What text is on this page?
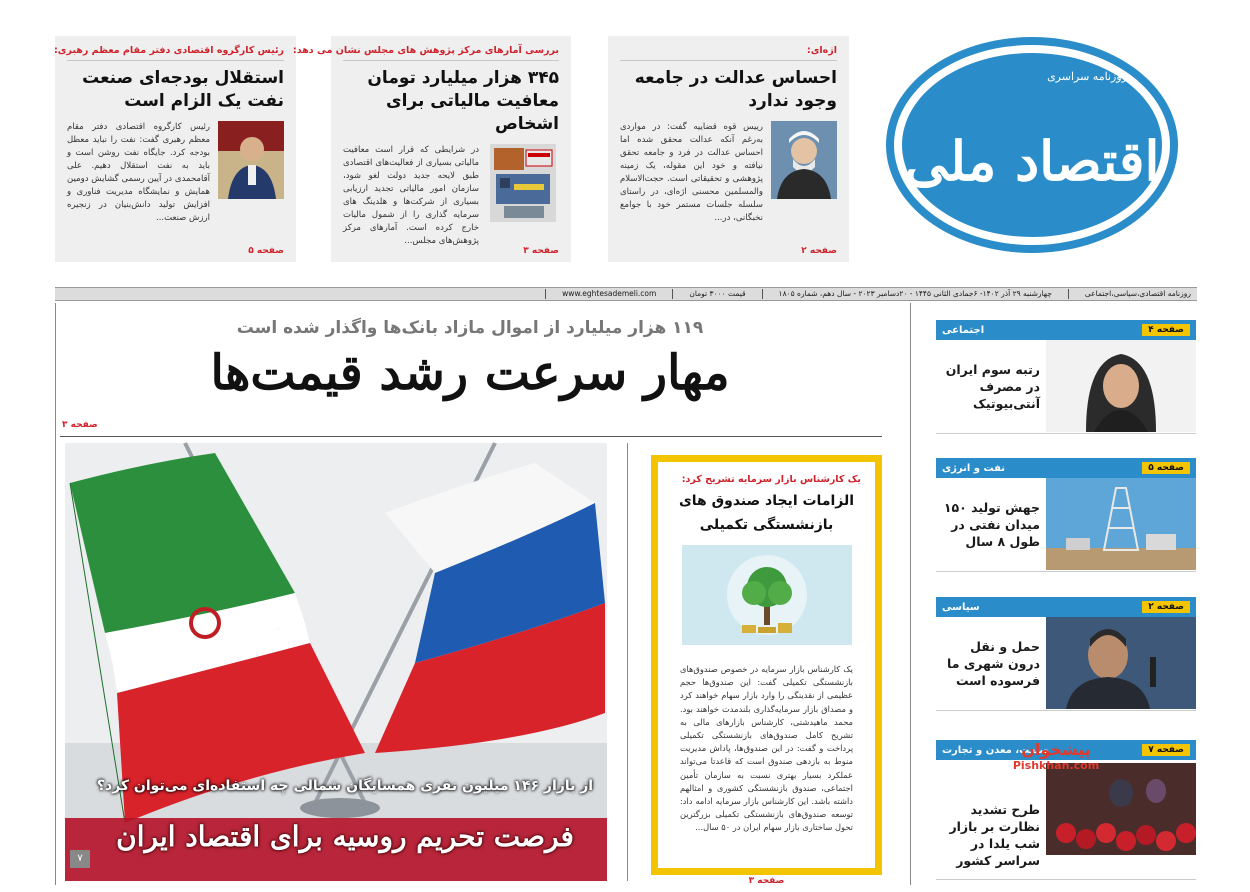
رئیس کارگروه اقتصادی دفتر مقام معظم رهبری:
استقلال بودجه‌ای صنعت نفت یک الزام است
رئیس کارگروه اقتصادی دفتر مقام معظم رهبری گفت: نفت را نباید معطل بودجه کرد. جایگاه نفت روشن است و باید به نفت استقلال دهیم. علی آقامحمدی در آیین رسمی گشایش دومین همایش و نمایشگاه مدیریت فناوری و افزایش تولید دانش‌بنیان در زنجیره ارزش صنعت...
صفحه ۵
بررسی آمارهای مرکز پژوهش های مجلس نشان می دهد:
۳۴۵ هزار میلیارد تومان معافیت مالیاتی برای اشخاص
در شرایطی که قرار است معافیت مالیاتی بسیاری از فعالیت‌های اقتصادی طبق لایحه جدید دولت لغو شود، سازمان امور مالیاتی تجدید ارزیابی بسیاری از شرکت‌ها و هلدینگ های سرمایه گذاری را از شمول مالیات خارج کرده است. آمارهای مرکز پژوهش‌های مجلس...
صفحه ۳
اژه‌ای:
احساس عدالت در جامعه وجود ندارد
رییس قوه قضاییه گفت: در مواردی به‌رغم آنکه عدالت محقق شده اما احساس عدالت در فرد و جامعه تحقق نیافته و خود این مقوله، یک زمینه پژوهشی و تحقیقاتی است. حجت‌الاسلام والمسلمین محسنی اژه‌ای، در راستای سلسله جلسات مستمر خود با جوامع نخبگانی، در...
صفحه ۲
روزنامه سراسری
اقتصاد ملی
روزنامه اقتصادی،سیاسی،اجتماعی
چهارشنبه ۲۹ آذر ۱۴۰۲- ۶جمادی الثانی ۱۴۴۵ - ۲۰دسامبر ۲۰۲۳ - سال دهم، شماره ۱۸۰۵
قیمت ۳۰۰۰ تومان
www.eghtesademeli.com
۱۱۹ هزار میلیارد از اموال مازاد بانک‌ها واگذار شده است
مهار سرعت رشد قیمت‌ها
صفحه ۳
از بازار ۱۴۶ میلیون نفری همسایگان شمالی چه استفاده‌ای می‌توان کرد؟
فرصت تحریم روسیه برای اقتصاد ایران
۷
یک کارشناس بازار سرمایه تشریح کرد:
الزامات ایجاد صندوق های بازنشستگی تکمیلی
یک کارشناس بازار سرمایه در خصوص صندوق‌های بازنشستگی تکمیلی گفت: این صندوق‌ها حجم عظیمی از نقدینگی را وارد بازار سهام خواهند کرد و مصداق بازار سرمایه‌گذاری بلندمدت خواهند بود. محمد ماهیدشتی، کارشناس بازارهای مالی به تشریح کامل صندوق‌های بازنشستگی تکمیلی پرداخت و گفت: در این صندوق‌ها، پاداش مدیریت منوط به بازدهی صندوق است که قاعدتا می‌تواند عملکرد بسیار بهتری نسبت به سازمان تأمین اجتماعی، صندوق بازنشستگی کشوری و امثالهم داشته باشد. این کارشناس بازار سرمایه ادامه داد: توسعه صندوق‌های بازنشستگی تکمیلی بزرگترین تحول ساختاری بازار سهام ایران در ۵۰ سال...
صفحه ۳
صفحه ۴
اجتماعی
رتبه سوم ایران در مصرف آنتی‌بیوتیک
صفحه ۵
نفت و انرژی
جهش تولید ۱۵۰ میدان نفتی در طول ۸ سال
صفحه ۲
سیاسی
حمل و نقل درون شهری ما فرسوده است
صفحه ۷
صنعت، معدن و تجارت
طرح تشدید نظارت بر بازار شب یلدا در سراسر کشور
پیشخوان
Pishkhan.com
